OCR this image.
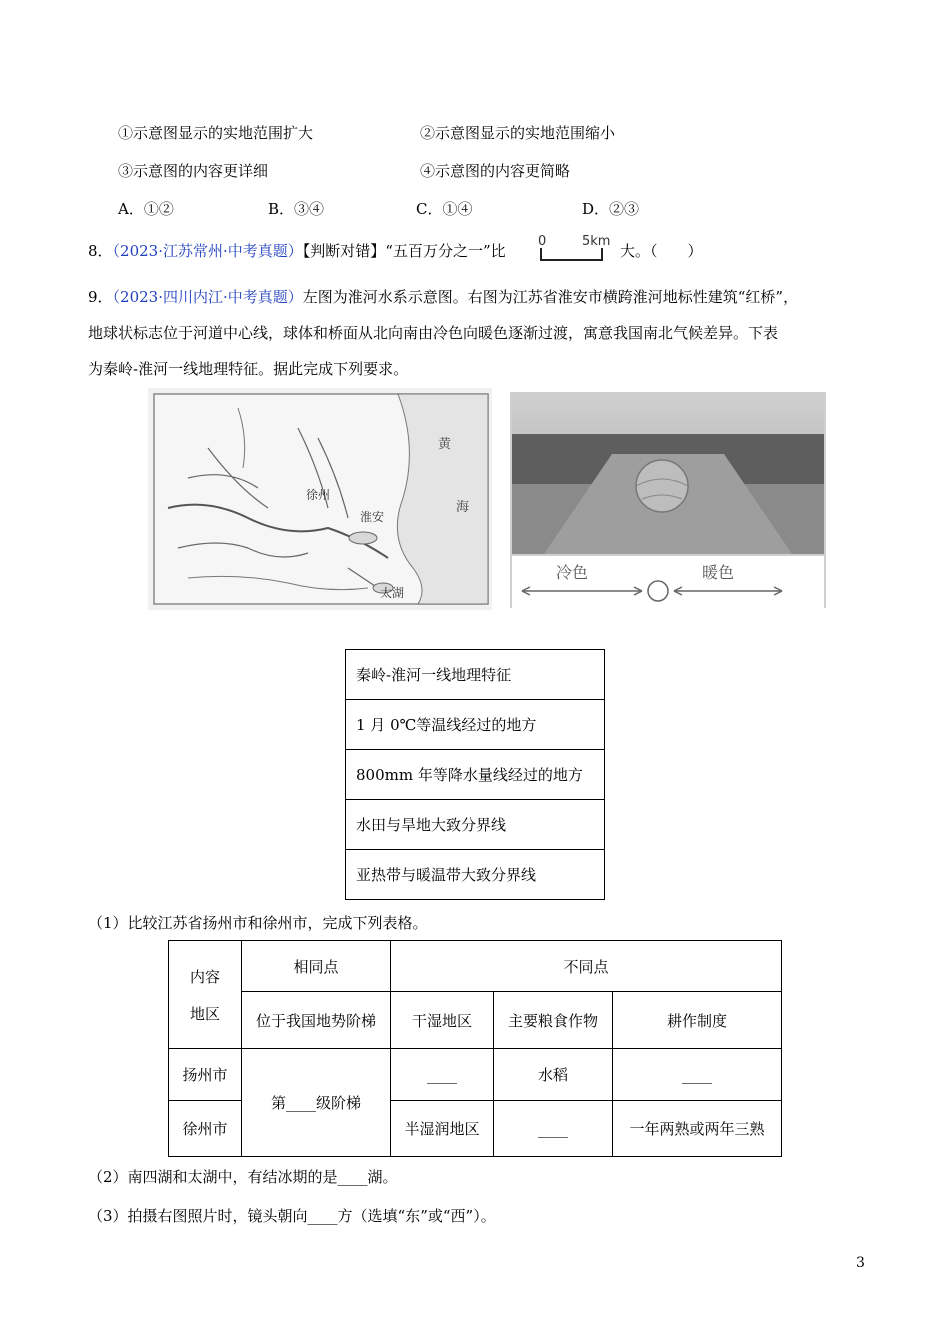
①示意图显示的实地范围扩大	②示意图显示的实地范围缩小
③示意图的内容更详细	④示意图的内容更简略
A．①②	B．③④	C．①④	D．②③
8．（2023·江苏常州·中考真题）【判断对错】“五百万分之一”比
0	5km
大。（　　）
9．（2023·四川内江·中考真题）左图为淮河水系示意图。右图为江苏省淮安市横跨淮河地标性建筑“红桥”，
地球状标志位于河道中心线，球体和桥面从北向南由冷色向暖色逐渐过渡，寓意我国南北气候差异。下表
为秦岭-淮河一线地理特征。据此完成下列要求。
黄
海
徐州
淮安
太湖
冷色	暖色
秦岭-淮河一线地理特征
1 月 0℃等温线经过的地方
800mm 年等降水量线经过的地方
水田与旱地大致分界线
亚热带与暖温带大致分界线
（1）比较江苏省扬州市和徐州市，完成下列表格。
内容
地区	相同点	不同点		
	位于我国地势阶梯	干湿地区	主要粮食作物	耕作制度
扬州市	第____级阶梯	____	水稻	____
徐州市		半湿润地区	____	一年两熟或两年三熟
（2）南四湖和太湖中，有结冰期的是____湖。
（3）拍摄右图照片时，镜头朝向____方（选填“东”或“西”）。
3
